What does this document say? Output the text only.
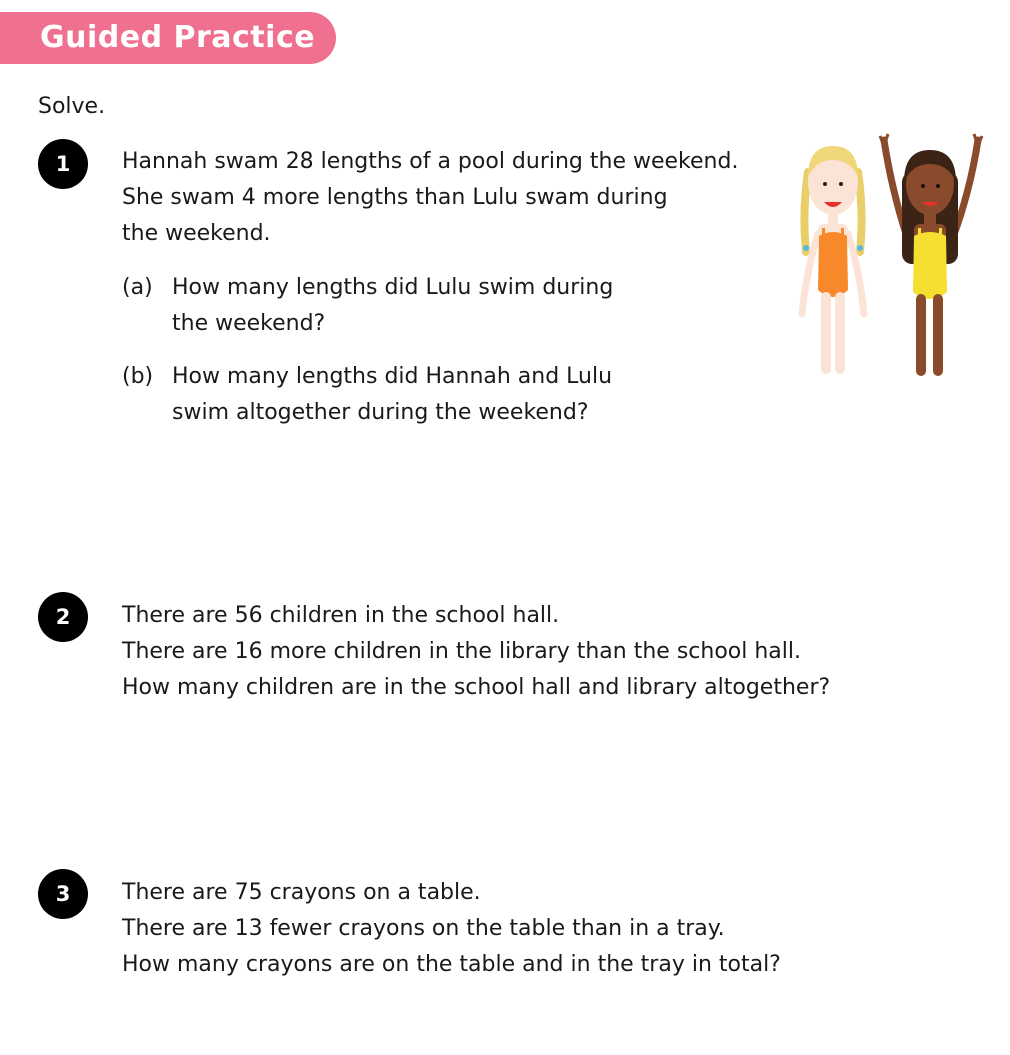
Guided Practice
Solve.
1	Hannah swam 28 lengths of a pool during the weekend.
She swam 4 more lengths than Lulu swam during
the weekend.
(a) How many lengths did Lulu swim during
the weekend?
(b) How many lengths did Hannah and Lulu
swim altogether during the weekend?
2	There are 56 children in the school hall.
There are 16 more children in the library than the school hall.
How many children are in the school hall and library altogether?
3	There are 75 crayons on a table.
There are 13 fewer crayons on the table than in a tray.
How many crayons are on the table and in the tray in total?
